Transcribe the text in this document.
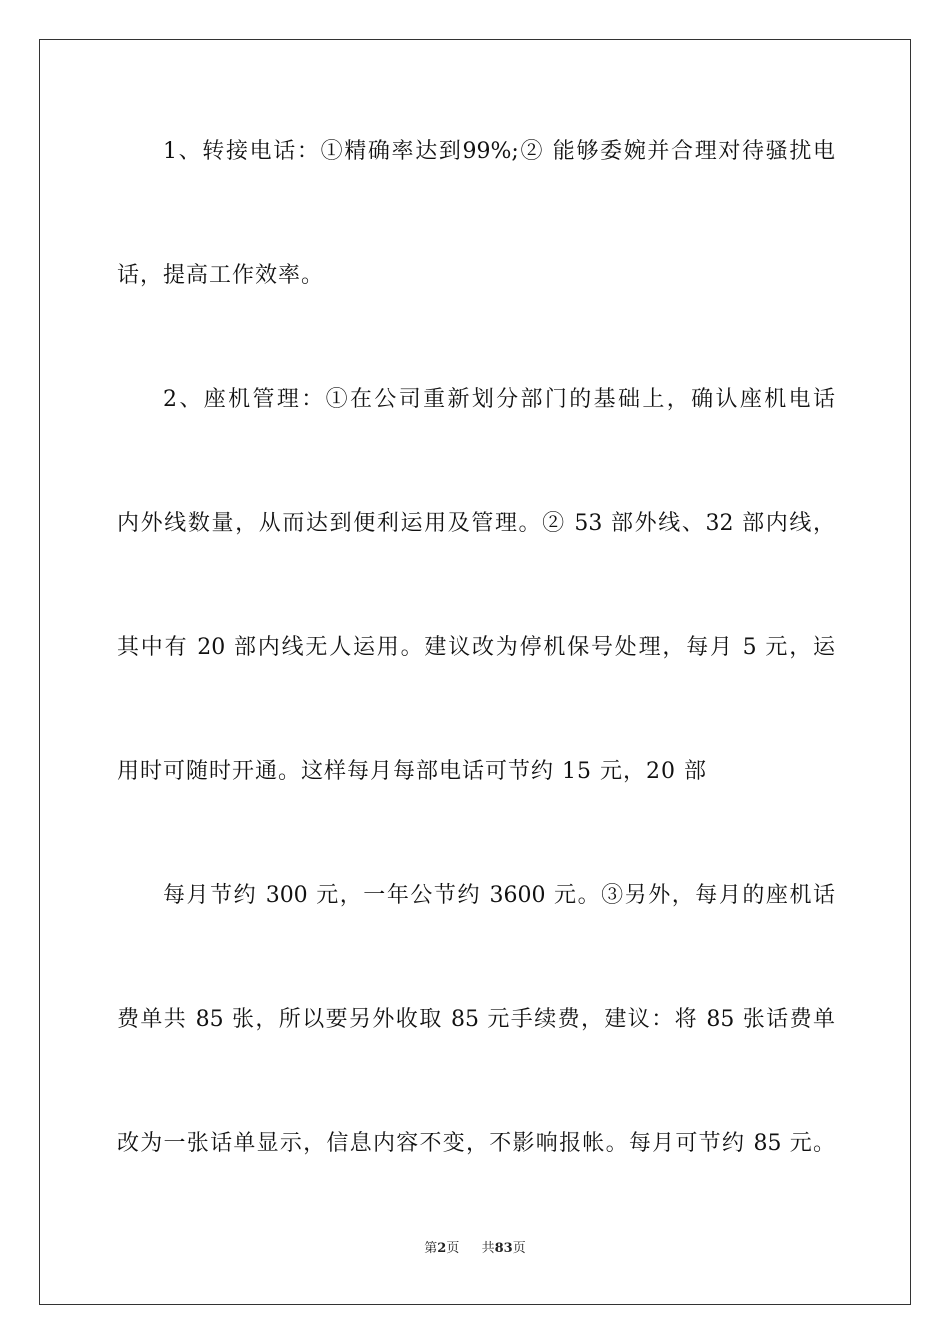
1、转接电话：①精确率达到99%;② 能够委婉并合理对待骚扰电
话，提高工作效率。
2、座机管理：①在公司重新划分部门的基础上，确认座机电话
内外线数量，从而达到便利运用及管理。② 53 部外线、32 部内线，
其中有 20 部内线无人运用。建议改为停机保号处理，每月 5 元，运
用时可随时开通。这样每月每部电话可节约 15 元，20 部
每月节约 300 元，一年公节约 3600 元。③另外，每月的座机话
费单共 85 张，所以要另外收取 85 元手续费，建议：将 85 张话费单
改为一张话单显示，信息内容不变，不影响报帐。每月可节约 85 元。
第2页 共83页
